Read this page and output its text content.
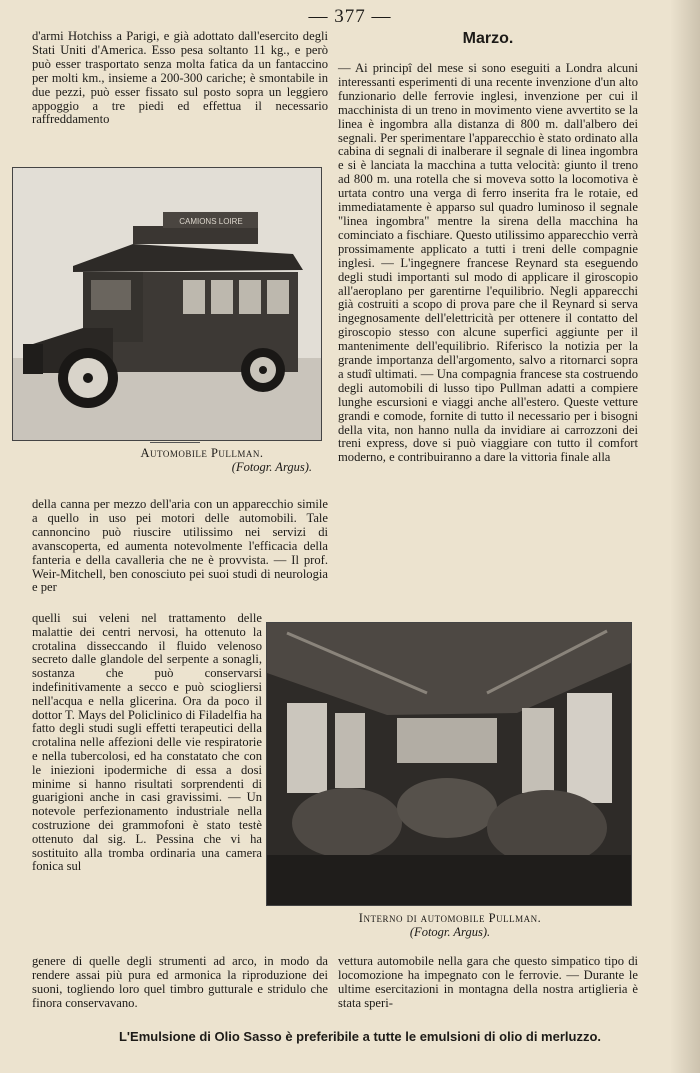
— 377 —
Marzo.

d'armi Hotchiss a Parigi, e già adottato dall'esercito degli Stati Uniti d'America. Esso pesa soltanto 11 kg., e però può esser trasportato senza molta fatica da un fantaccino per molti km., insieme a 200-300 cariche; è smontabile in due pezzi, può esser fissato sul posto sopra un leggiero appoggio a tre piedi ed effettua il necessario raffreddamento

CAMIONS LOIRE
Automobile Pullman.
(Fotogr. Argus).

della canna per mezzo dell'aria con un apparecchio simile a quello in uso pei motori delle automobili. Tale cannoncino può riuscire utilissimo nei servizi di avanscoperta, ed aumenta notevolmente l'efficacia della fanteria e della cavalleria che ne è provvista. — Il prof. Weir-Mitchell, ben conosciuto pei suoi studi di neurologia e per

quelli sui veleni nel trattamento delle malattie dei centri nervosi, ha ottenuto la crotalina disseccando il fluido velenoso secreto dalle glandole del serpente a sonagli, sostanza che può conservarsi indefinitivamente a secco e può sciogliersi nell'acqua e nella glicerina. Ora da poco il dottor T. Mays del Policlinico di Filadelfia ha fatto degli studi sugli effetti terapeutici della crotalina nelle affezioni delle vie respiratorie e nella tubercolosi, ed ha constatato che con le iniezioni ipodermiche di essa a dosi minime si hanno risultati sorprendenti di guarigioni anche in casi gravissimi. — Un notevole perfezionamento industriale nella costruzione dei grammofoni è stato testè ottenuto dal sig. L. Pessina che vi ha sostituito alla tromba ordinaria una camera fonica sul

genere di quelle degli strumenti ad arco, in modo da rendere assai più pura ed armonica la riproduzione dei suoni, togliendo loro quel timbro gutturale e stridulo che finora conservavano.

— Ai principî del mese si sono eseguiti a Londra alcuni interessanti esperimenti di una recente invenzione d'un alto funzionario delle ferrovie inglesi, invenzione per cui il macchinista di un treno in movimento viene avvertito se la linea è ingombra alla distanza di 800 m. dall'albero dei segnali. Per sperimentare l'apparecchio è stato ordinato alla cabina di segnali di inalberare il segnale di linea ingombra e si è lanciata la macchina a tutta velocità: giunto il treno ad 800 m. una rotella che si moveva sotto la locomotiva è urtata contro una verga di ferro inserita fra le rotaie, ed immediatamente è apparso sul quadro luminoso il segnale "linea ingombra" mentre la sirena della macchina ha cominciato a fischiare. Questo utilissimo apparecchio verrà prossimamente applicato a tutti i treni delle compagnie inglesi. — L'ingegnere francese Reynard sta eseguendo degli studi importanti sul modo di applicare il giroscopio all'aeroplano per garentirne l'equilibrio. Negli apparecchi già costruiti a scopo di prova pare che il Reynard si serva ingegnosamente dell'elettricità per ottenere il contatto del giroscopio stesso con alcune superfici aggiunte per il mantenimente dell'equilibrio. Riferisco la notizia per la grande importanza dell'argomento, salvo a ritornarci sopra a studî ultimati. — Una compagnia francese sta costruendo degli automobili di lusso tipo Pullman adatti a compiere lunghe escursioni e viaggi anche all'estero. Queste vetture grandi e comode, fornite di tutto il necessario per i bisogni della vita, non hanno nulla da invidiare ai carrozzoni dei treni express, dove si può viaggiare con tutto il comfort moderno, e contribuiranno a dare la vittoria finale alla

Interno di automobile Pullman.
(Fotogr. Argus).

vettura automobile nella gara che questo simpatico tipo di locomozione ha impegnato con le ferrovie. — Durante le ultime esercitazioni in montagna della nostra artiglieria è stata speri-

L'Emulsione di Olio Sasso è preferibile a tutte le emulsioni di olio di merluzzo.
